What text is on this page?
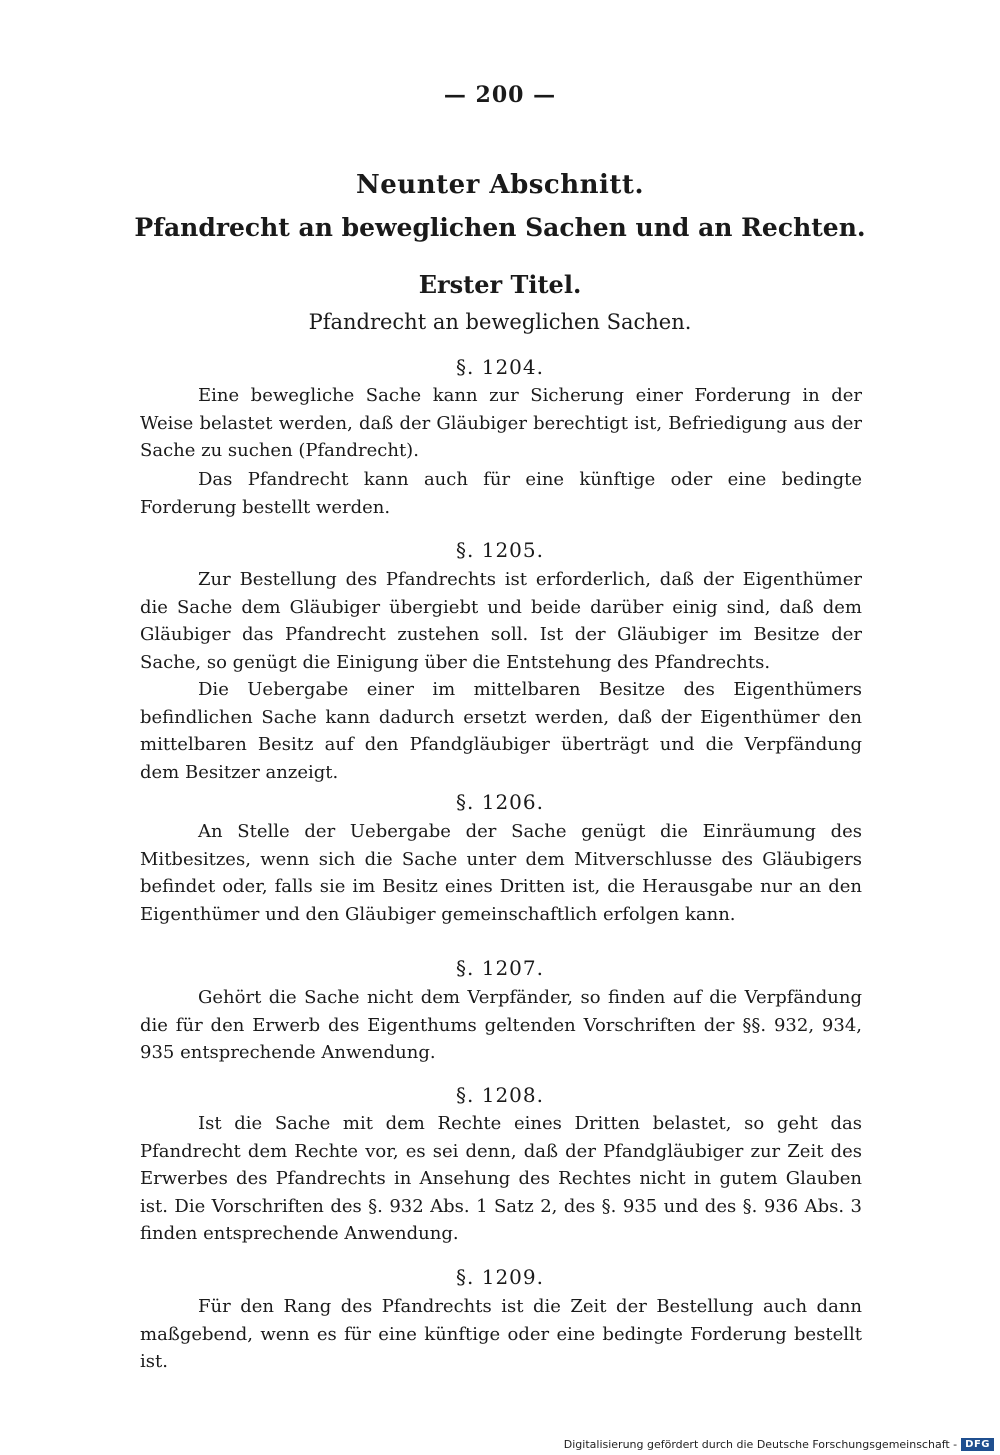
— 200 —
Neunter Abschnitt.
Pfandrecht an beweglichen Sachen und an Rechten.
Erster Titel.
Pfandrecht an beweglichen Sachen.
§. 1204.

Eine bewegliche Sache kann zur Sicherung einer Forderung in der Weise belastet werden, daß der Gläubiger berechtigt ist, Befriedigung aus der Sache zu suchen (Pfandrecht).

Das Pfandrecht kann auch für eine künftige oder eine bedingte Forderung bestellt werden.

§. 1205.

Zur Bestellung des Pfandrechts ist erforderlich, daß der Eigenthümer die Sache dem Gläubiger übergiebt und beide darüber einig sind, daß dem Gläubiger das Pfandrecht zustehen soll. Ist der Gläubiger im Besitze der Sache, so genügt die Einigung über die Entstehung des Pfandrechts.

Die Uebergabe einer im mittelbaren Besitze des Eigenthümers befindlichen Sache kann dadurch ersetzt werden, daß der Eigenthümer den mittelbaren Besitz auf den Pfandgläubiger überträgt und die Verpfändung dem Besitzer anzeigt.

§. 1206.

An Stelle der Uebergabe der Sache genügt die Einräumung des Mitbesitzes, wenn sich die Sache unter dem Mitverschlusse des Gläubigers befindet oder, falls sie im Besitz eines Dritten ist, die Herausgabe nur an den Eigenthümer und den Gläubiger gemeinschaftlich erfolgen kann.

§. 1207.

Gehört die Sache nicht dem Verpfänder, so finden auf die Verpfändung die für den Erwerb des Eigenthums geltenden Vorschriften der §§. 932, 934, 935 entsprechende Anwendung.

§. 1208.

Ist die Sache mit dem Rechte eines Dritten belastet, so geht das Pfandrecht dem Rechte vor, es sei denn, daß der Pfandgläubiger zur Zeit des Erwerbes des Pfandrechts in Ansehung des Rechtes nicht in gutem Glauben ist. Die Vorschriften des §. 932 Abs. 1 Satz 2, des §. 935 und des §. 936 Abs. 3 finden entsprechende Anwendung.

§. 1209.

Für den Rang des Pfandrechts ist die Zeit der Bestellung auch dann maßgebend, wenn es für eine künftige oder eine bedingte Forderung bestellt ist.

Digitalisierung gefördert durch die Deutsche Forschungsgemeinschaft - DFG
